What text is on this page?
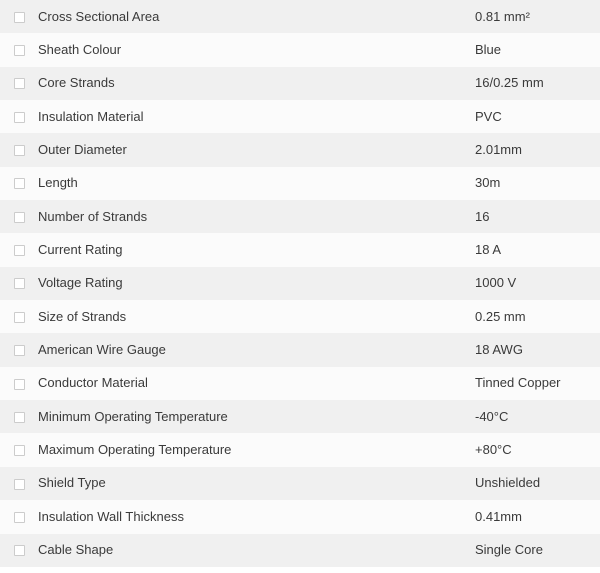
	Cross Sectional Area	0.81 mm²
	Sheath Colour	Blue
	Core Strands	16/0.25 mm
	Insulation Material	PVC
	Outer Diameter	2.01mm
	Length	30m
	Number of Strands	16
	Current Rating	18 A
	Voltage Rating	1000 V
	Size of Strands	0.25 mm
	American Wire Gauge	18 AWG
	Conductor Material	Tinned Copper
	Minimum Operating Temperature	-40°C
	Maximum Operating Temperature	+80°C
	Shield Type	Unshielded
	Insulation Wall Thickness	0.41mm
	Cable Shape	Single Core
